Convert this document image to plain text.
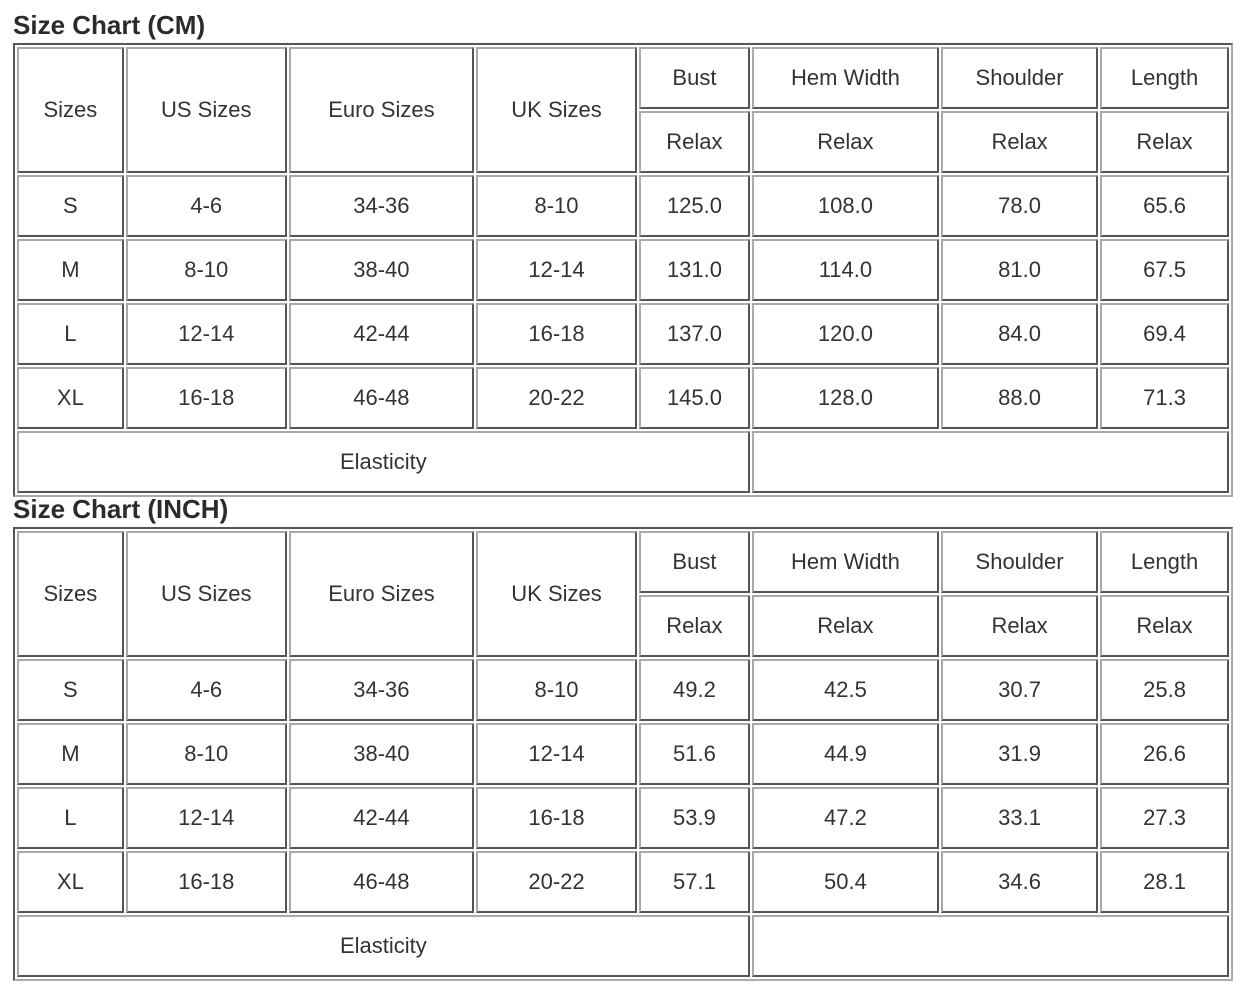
Size Chart (CM)
Sizes	US Sizes	Euro Sizes	UK Sizes	Bust	Hem Width	Shoulder	Length
				Relax	Relax	Relax	Relax
S	4-6	34-36	8-10	125.0	108.0	78.0	65.6
M	8-10	38-40	12-14	131.0	114.0	81.0	67.5
L	12-14	42-44	16-18	137.0	120.0	84.0	69.4
XL	16-18	46-48	20-22	145.0	128.0	88.0	71.3
Elasticity							
Size Chart (INCH)
Sizes	US Sizes	Euro Sizes	UK Sizes	Bust	Hem Width	Shoulder	Length
				Relax	Relax	Relax	Relax
S	4-6	34-36	8-10	49.2	42.5	30.7	25.8
M	8-10	38-40	12-14	51.6	44.9	31.9	26.6
L	12-14	42-44	16-18	53.9	47.2	33.1	27.3
XL	16-18	46-48	20-22	57.1	50.4	34.6	28.1
Elasticity							
